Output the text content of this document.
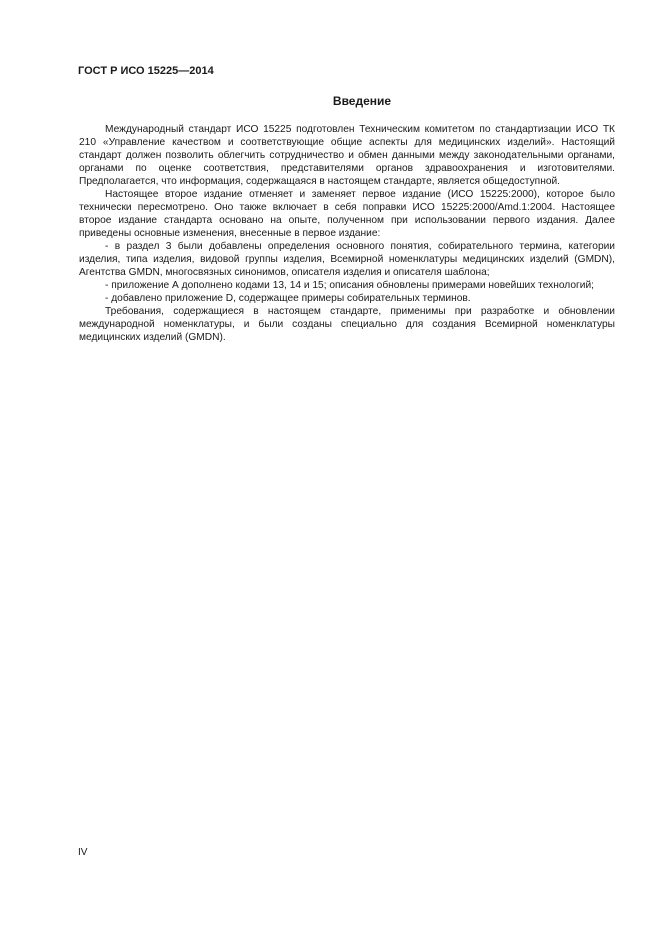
ГОСТ Р ИСО 15225—2014
Введение

Международный стандарт ИСО 15225 подготовлен Техническим комитетом по стандартизации ИСО ТК 210 «Управление качеством и соответствующие общие аспекты для медицинских изделий». Настоящий стандарт должен позволить облегчить сотрудничество и обмен данными между законодательными органами, органами по оценке соответствия, представителями органов здравоохранения и изготовителями. Предполагается, что информация, содержащаяся в настоящем стандарте, является общедоступной.

Настоящее второе издание отменяет и заменяет первое издание (ИСО 15225:2000), которое было технически пересмотрено. Оно также включает в себя поправки ИСО 15225:2000/Amd.1:2004. Настоящее второе издание стандарта основано на опыте, полученном при использовании первого издания. Далее приведены основные изменения, внесенные в первое издание:

- в раздел 3 были добавлены определения основного понятия, собирательного термина, категории изделия, типа изделия, видовой группы изделия, Всемирной номенклатуры медицинских изделий (GMDN), Агентства GMDN, многосвязных синонимов, описателя изделия и описателя шаблона;

- приложение А дополнено кодами 13, 14 и 15; описания обновлены примерами новейших технологий;

- добавлено приложение D, содержащее примеры собирательных терминов.

Требования, содержащиеся в настоящем стандарте, применимы при разработке и обновлении международной номенклатуры, и были созданы специально для создания Всемирной номенклатуры медицинских изделий (GMDN).

IV
